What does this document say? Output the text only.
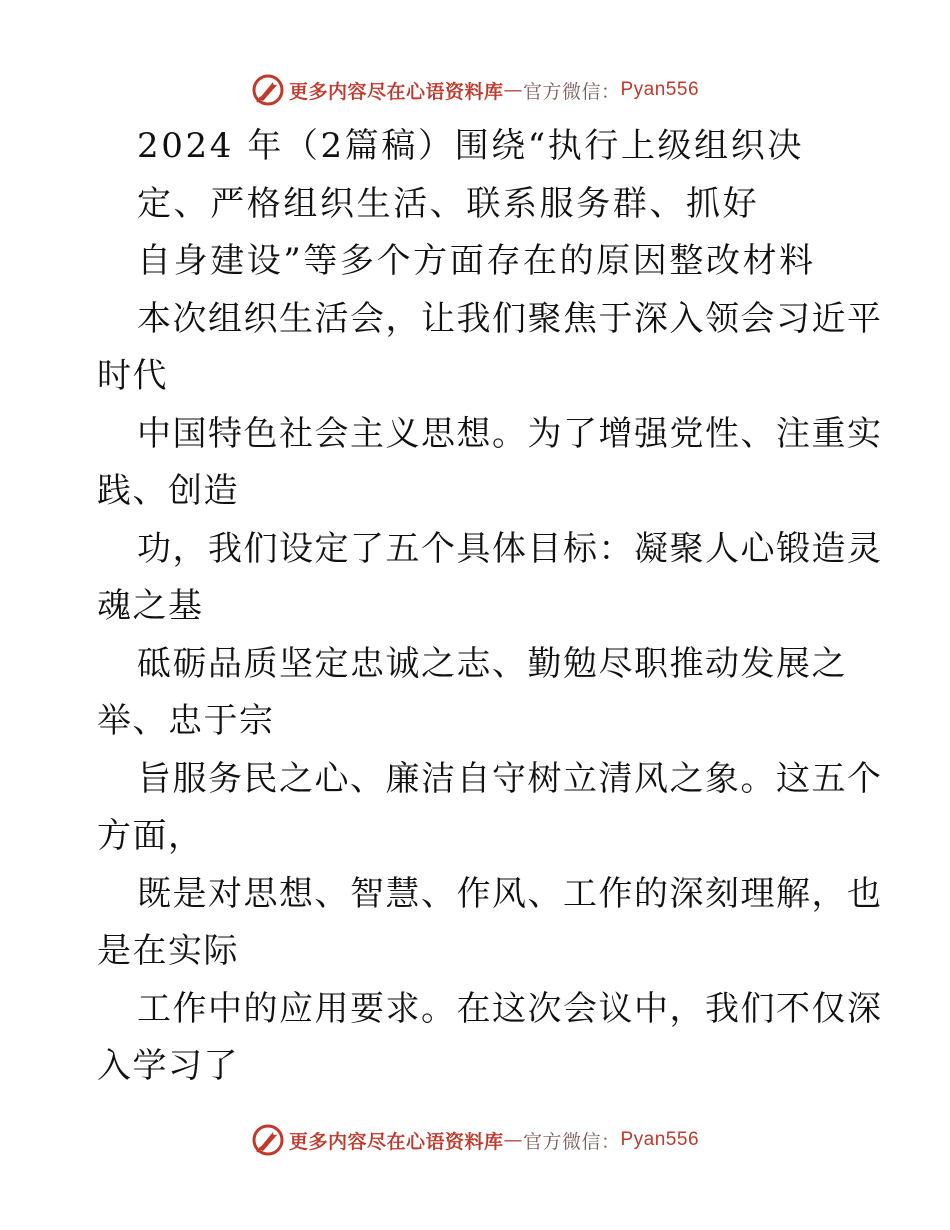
更多内容尽在心语资料库 — 官方微信： Pyan556
2024 年（2篇稿）围绕“执行上级组织决
定、严格组织生活、联系服务群、抓好
自身建设”等多个方面存在的原因整改材料
本次组织生活会，让我们聚焦于深入领会习近平
时代
中国特色社会主义思想。为了增强党性、注重实
践、创造
功，我们设定了五个具体目标：凝聚人心锻造灵
魂之基
砥砺品质坚定忠诚之志、勤勉尽职推动发展之
举、忠于宗
旨服务民之心、廉洁自守树立清风之象。这五个
方面，
既是对思想、智慧、作风、工作的深刻理解，也
是在实际
工作中的应用要求。在这次会议中，我们不仅深
入学习了
更多内容尽在心语资料库 — 官方微信： Pyan556
